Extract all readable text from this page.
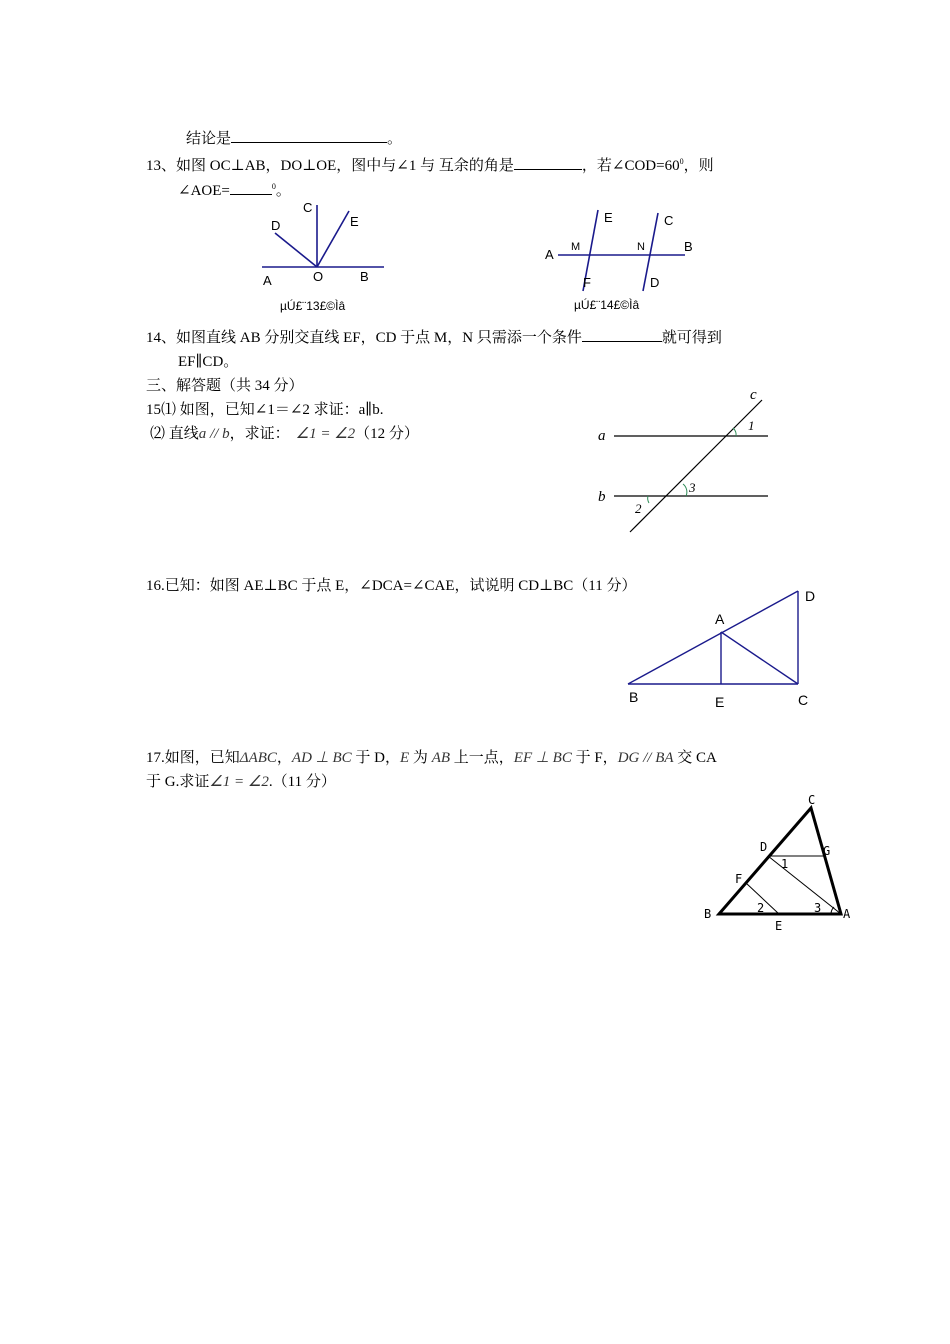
结论是	。
13、如图 OC⊥AB，DO⊥OE，图中与∠1 与 互余的角是	，若$\angle COD=60^0$，则
∠AOE=	$^0$。
C
D	E
A	O	B
µÚ£¨13£©Ìâ
E	C
A M	N	B
F	D
µÚ£¨14£©Ìâ
14、如图直线 AB 分别交直线 EF，CD 于点 M，N 只需添一个条件	就可得到
EF∥CD。
三、解答题（共 34 分）
15⑴ 如图，已知∠1＝∠2 求证：a∥b.
⑵ 直线a // b，求证： ∠1 = ∠2（12 分）
c
a
b
1
3
2
16.已知：如图 AE⊥BC 于点 E，∠DCA=∠CAE，试说明 CD⊥BC（11 分）
D
A
B	E	C
17.如图，已知ΔABC，AD ⊥ BC 于 D，E 为 AB 上一点，EF ⊥ BC 于 F，DG // BA 交 CA
于 G.求证∠1 = ∠2.（11 分）
C
D	G
1
F
B	2
E
3 A
